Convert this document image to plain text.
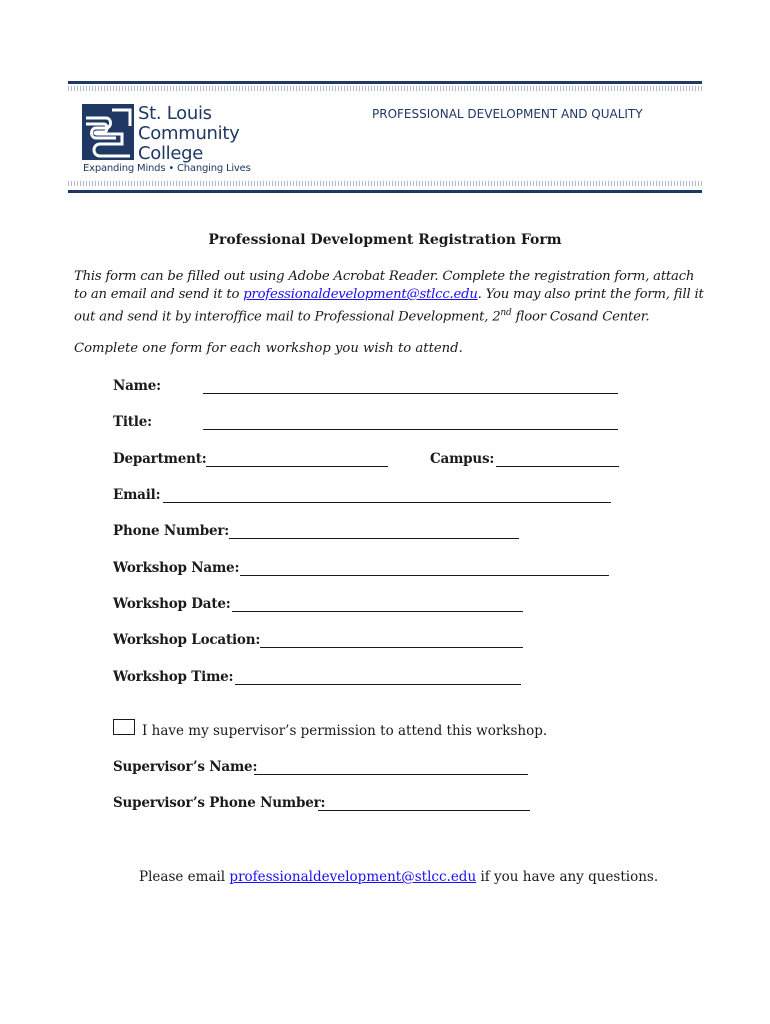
St. Louis
Community
College
Expanding Minds • Changing Lives
PROFESSIONAL DEVELOPMENT AND QUALITY
Professional Development Registration Form
This form can be filled out using Adobe Acrobat Reader. Complete the registration form, attach to an email and send it to professionaldevelopment@stlcc.edu. You may also print the form, fill it out and send it by interoffice mail to Professional Development, 2nd floor Cosand Center.
Complete one form for each workshop you wish to attend.
Name:
Title:
Department:	Campus:
Email:
Phone Number:
Workshop Name:
Workshop Date:
Workshop Location:
Workshop Time:
I have my supervisor’s permission to attend this workshop.
Supervisor’s Name:
Supervisor’s Phone Number:
Please email professionaldevelopment@stlcc.edu if you have any questions.
